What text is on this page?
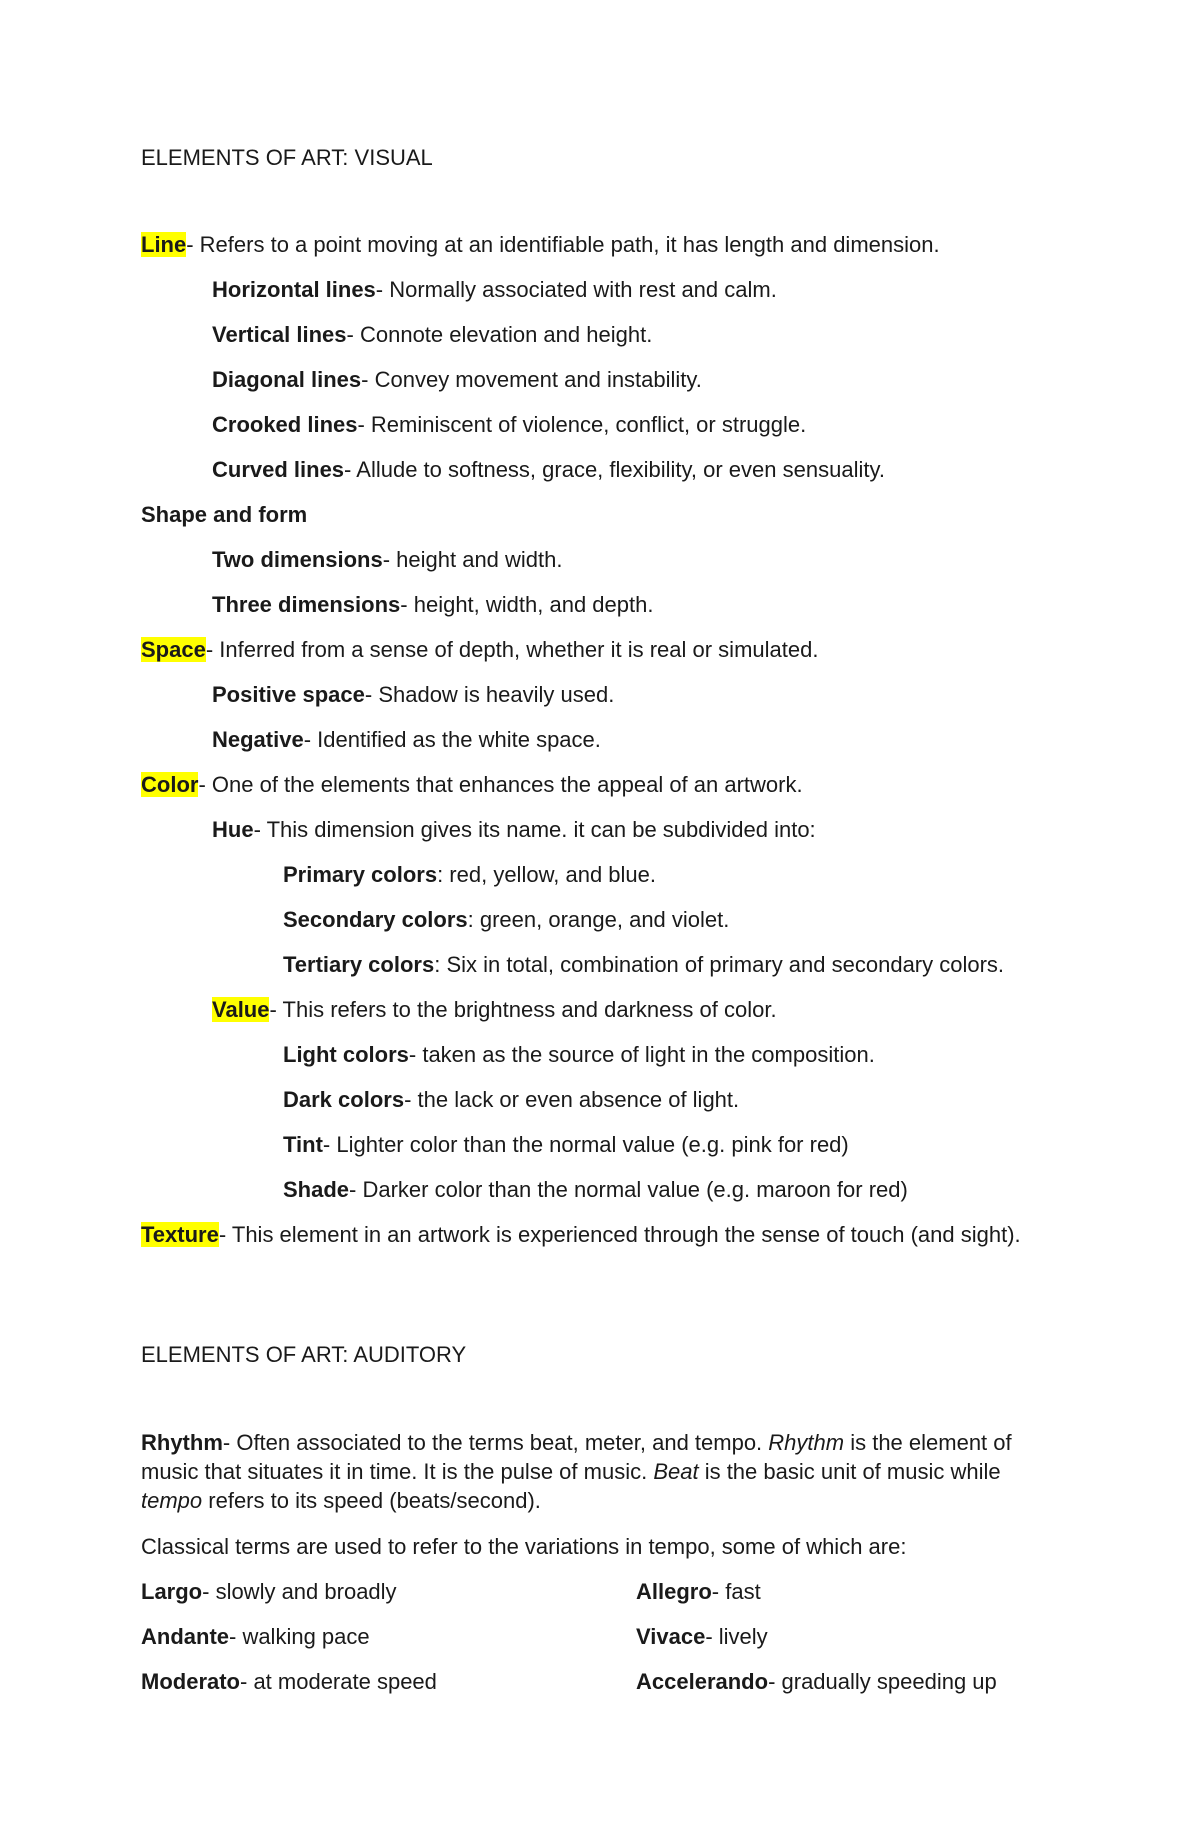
ELEMENTS OF ART: VISUAL
Line- Refers to a point moving at an identifiable path, it has length and dimension.
Horizontal lines- Normally associated with rest and calm.
Vertical lines- Connote elevation and height.
Diagonal lines- Convey movement and instability.
Crooked lines- Reminiscent of violence, conflict, or struggle.
Curved lines- Allude to softness, grace, flexibility, or even sensuality.
Shape and form
Two dimensions- height and width.
Three dimensions- height, width, and depth.
Space- Inferred from a sense of depth, whether it is real or simulated.
Positive space- Shadow is heavily used.
Negative- Identified as the white space.
Color- One of the elements that enhances the appeal of an artwork.
Hue- This dimension gives its name. it can be subdivided into:
Primary colors: red, yellow, and blue.
Secondary colors: green, orange, and violet.
Tertiary colors: Six in total, combination of primary and secondary colors.
Value- This refers to the brightness and darkness of color.
Light colors- taken as the source of light in the composition.
Dark colors- the lack or even absence of light.
Tint- Lighter color than the normal value (e.g. pink for red)
Shade- Darker color than the normal value (e.g. maroon for red)
Texture- This element in an artwork is experienced through the sense of touch (and sight).
ELEMENTS OF ART: AUDITORY
Rhythm- Often associated to the terms beat, meter, and tempo. Rhythm is the element of music that situates it in time. It is the pulse of music. Beat is the basic unit of music while tempo refers to its speed (beats/second).
Classical terms are used to refer to the variations in tempo, some of which are:
Largo- slowly and broadly	Allegro- fast
Andante- walking pace	Vivace- lively
Moderato- at moderate speed	Accelerando- gradually speeding up
